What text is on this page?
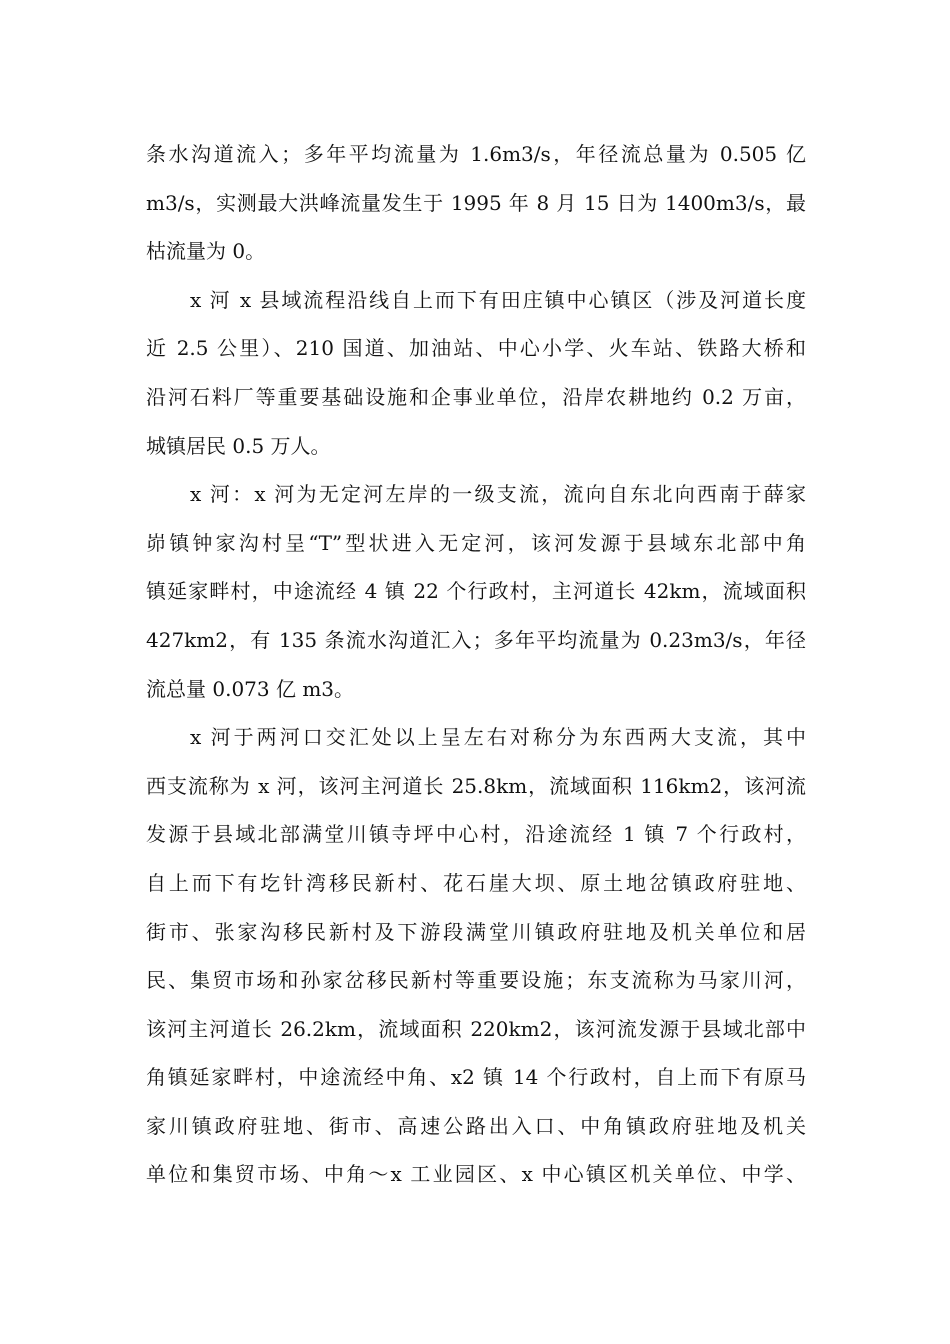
条水沟道流入；多年平均流量为 1.6m3/s，年径流总量为 0.505 亿
m3/s，实测最大洪峰流量发生于 1995 年 8 月 15 日为 1400m3/s，最
枯流量为 0。
x 河 x 县域流程沿线自上而下有田庄镇中心镇区（涉及河道长度
近 2.5 公里）、210 国道、加油站、中心小学、火车站、铁路大桥和
沿河石料厂等重要基础设施和企事业单位，沿岸农耕地约 0.2 万亩，
城镇居民 0.5 万人。
x 河：x 河为无定河左岸的一级支流，流向自东北向西南于薛家
峁镇钟家沟村呈“T”型状进入无定河，该河发源于县域东北部中角
镇延家畔村，中途流经 4 镇 22 个行政村，主河道长 42km，流域面积
427km2，有 135 条流水沟道汇入；多年平均流量为 0.23m3/s，年径
流总量 0.073 亿 m3。
x 河于两河口交汇处以上呈左右对称分为东西两大支流，其中
西支流称为 x 河，该河主河道长 25.8km，流域面积 116km2，该河流
发源于县域北部满堂川镇寺坪中心村，沿途流经 1 镇 7 个行政村，
自上而下有圪针湾移民新村、花石崖大坝、原土地岔镇政府驻地、
街市、张家沟移民新村及下游段满堂川镇政府驻地及机关单位和居
民、集贸市场和孙家岔移民新村等重要设施；东支流称为马家川河，
该河主河道长 26.2km，流域面积 220km2，该河流发源于县域北部中
角镇延家畔村，中途流经中角、x2 镇 14 个行政村，自上而下有原马
家川镇政府驻地、街市、高速公路出入口、中角镇政府驻地及机关
单位和集贸市场、中角～x 工业园区、x 中心镇区机关单位、中学、
